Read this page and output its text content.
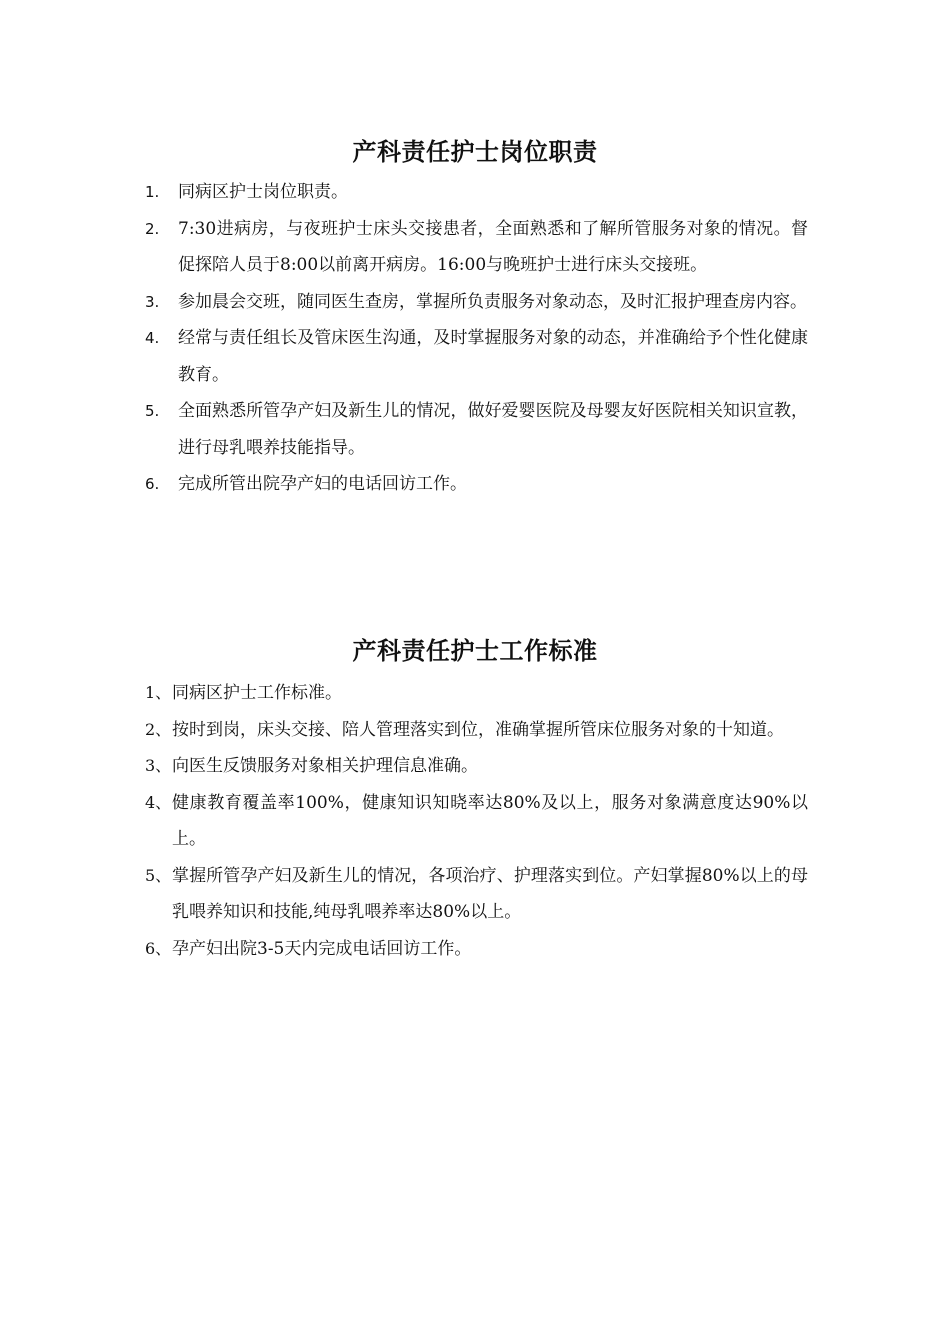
产科责任护士岗位职责
1. 同病区护士岗位职责。
2. 7:30进病房，与夜班护士床头交接患者，全面熟悉和了解所管服务对象的情况。督促探陪人员于8:00以前离开病房。16:00与晚班护士进行床头交接班。
3. 参加晨会交班，随同医生查房，掌握所负责服务对象动态，及时汇报护理查房内容。
4. 经常与责任组长及管床医生沟通，及时掌握服务对象的动态，并准确给予个性化健康教育。
5. 全面熟悉所管孕产妇及新生儿的情况，做好爱婴医院及母婴友好医院相关知识宣教，进行母乳喂养技能指导。
6. 完成所管出院孕产妇的电话回访工作。
产科责任护士工作标准
1、 同病区护士工作标准。
2、 按时到岗，床头交接、陪人管理落实到位，准确掌握所管床位服务对象的十知道。
3、 向医生反馈服务对象相关护理信息准确。
4、 健康教育覆盖率100%，健康知识知晓率达80%及以上，服务对象满意度达90%以上。
5、 掌握所管孕产妇及新生儿的情况，各项治疗、护理落实到位。产妇掌握80%以上的母乳喂养知识和技能,纯母乳喂养率达80%以上。
6、 孕产妇出院3-5天内完成电话回访工作。
